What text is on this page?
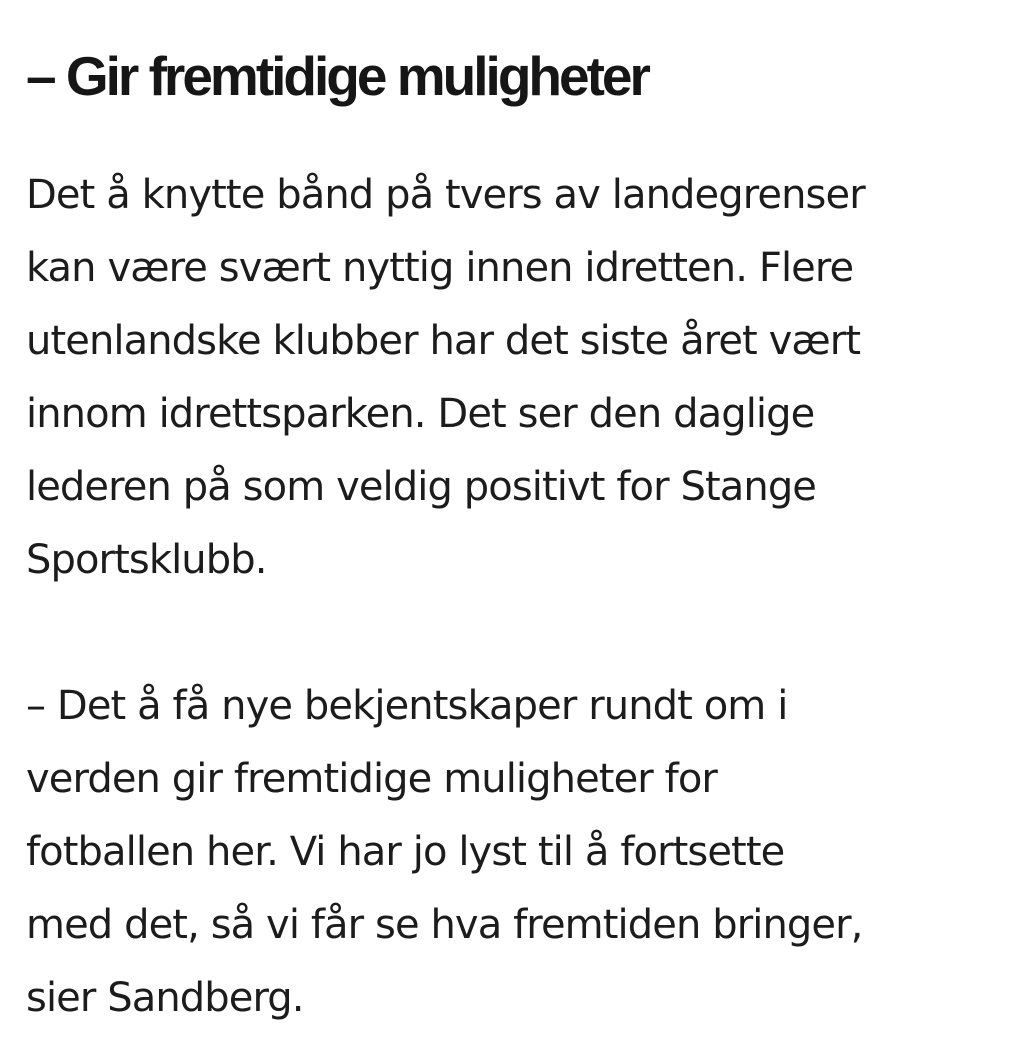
– Gir fremtidige muligheter

Det å knytte bånd på tvers av landegrenser
kan være svært nyttig innen idretten. Flere
utenlandske klubber har det siste året vært
innom idrettsparken. Det ser den daglige
lederen på som veldig positivt for Stange
Sportsklubb.

– Det å få nye bekjentskaper rundt om i
verden gir fremtidige muligheter for
fotballen her. Vi har jo lyst til å fortsette
med det, så vi får se hva fremtiden bringer,
sier Sandberg.
